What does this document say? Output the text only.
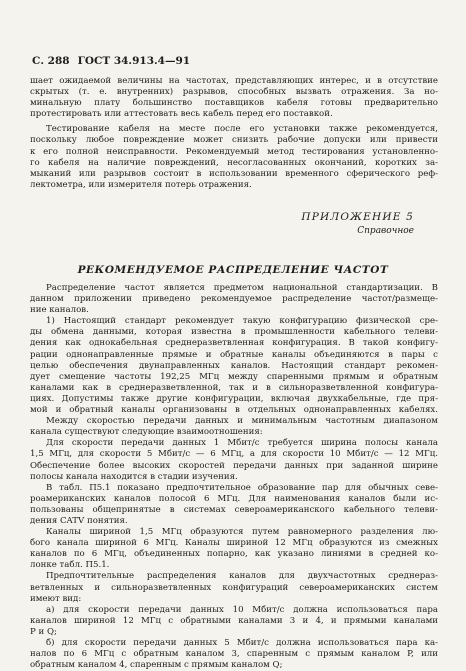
С. 288 ГОСТ 34.913.4—91
шает ожидаемой величины на частотах, представляющих интерес, и в отсутствие
скрытых (т. е. внутренних) разрывов, способных вызвать отражения. За но-
минальную плату большинство поставщиков кабеля готовы предварительно
протестировать или аттестовать весь кабель перед его поставкой.
Тестирование кабеля на месте после его установки также рекомендуется,
поскольку любое повреждение может снизить рабочие допуски или привести
к его полной неисправности. Рекомендуемый метод тестирования установленно-
го кабеля на наличие повреждений, несогласованных окончаний, коротких за-
мыканий или разрывов состоит в использовании временного сферического реф-
лектометра, или измерителя потерь отражения.
ПРИЛОЖЕНИЕ 5
Справочное
РЕКОМЕНДУЕМОЕ РАСПРЕДЕЛЕНИЕ ЧАСТОТ
Распределение частот является предметом национальной стандартизации. В
данном приложении приведено рекомендуемое распределение частот/размеще-
ние каналов.
1) Настоящий стандарт рекомендует такую конфигурацию физической сре-
ды обмена данными, которая известна в промышленности кабельного телеви-
дения как однокабельная среднеразветвленная конфигурация. В такой конфигу-
рации однонаправленные прямые и обратные каналы объединяются в пары с
целью обеспечения двунаправленных каналов. Настоящий стандарт рекомен-
дует смещение частоты 192,25 МГц между спаренными прямым и обратным
каналами как в среднеразветвленной, так и в сильноразветвленной конфигура-
циях. Допустимы также другие конфигурации, включая двухкабельные, где пря-
мой и обратный каналы организованы в отдельных однонаправленных кабелях.
Между скоростью передачи данных и минимальным частотным диапазоном
канала существуют следующие взаимоотношения:
Для скорости передачи данных 1 Мбит/с требуется ширина полосы канала
1,5 МГц, для скорости 5 Мбит/с — 6 МГц, а для скорости 10 Мбит/с — 12 МГц.
Обеспечение более высоких скоростей передачи данных при заданной ширине
полосы канала находится в стадии изучения.
В табл. П5.1 показано предпочтительное образование пар для обычных севе-
роамериканских каналов полосой 6 МГц. Для наименования каналов были ис-
пользованы общепринятые в системах североамериканского кабельного телеви-
дения CATV понятия.
Каналы шириной 1,5 МГц образуются путем равномерного разделения лю-
бого канала шириной 6 МГц. Каналы шириной 12 МГц образуются из смежных
каналов по 6 МГц, объединенных попарно, как указано линиями в средней ко-
лонке табл. П5.1.
Предпочтительные распределения каналов для двухчастотных среднераз-
ветвленных и сильноразветвленных конфигураций североамериканских систем
имеют вид:
а) для скорости передачи данных 10 Мбит/с должна использоваться пара
каналов шириной 12 МГц с обратными каналами 3 и 4, и прямыми каналами
P и Q;
б) для скорости передачи данных 5 Мбит/с должна использоваться пара ка-
налов по 6 МГц с обратным каналом 3, спаренным с прямым каналом P, или
обратным каналом 4, спаренным с прямым каналом Q;
